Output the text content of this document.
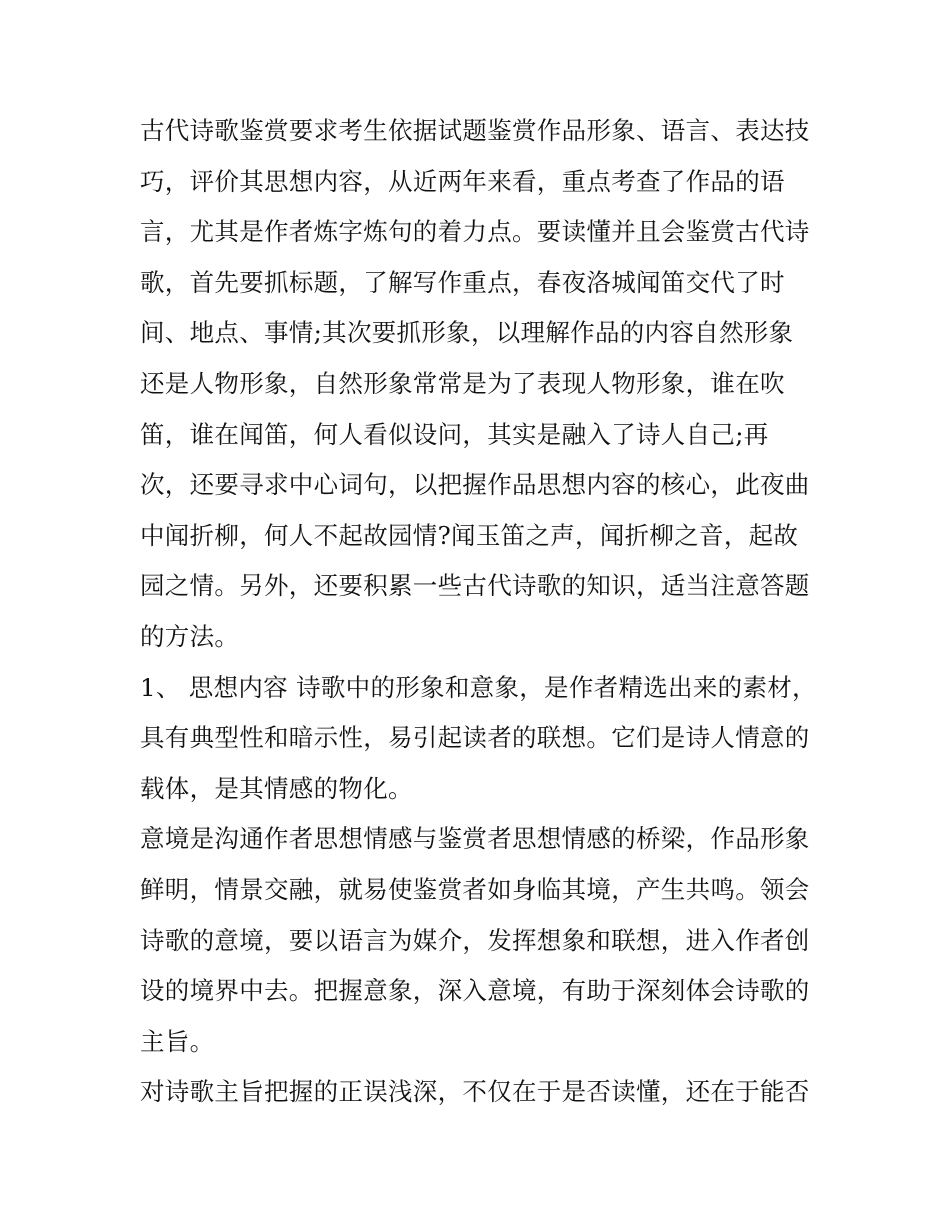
古代诗歌鉴赏要求考生依据试题鉴赏作品形象、语言、表达技
巧，评价其思想内容，从近两年来看，重点考查了作品的语
言，尤其是作者炼字炼句的着力点。要读懂并且会鉴赏古代诗
歌，首先要抓标题，了解写作重点，春夜洛城闻笛交代了时
间、地点、事情;其次要抓形象，以理解作品的内容自然形象
还是人物形象，自然形象常常是为了表现人物形象，谁在吹
笛，谁在闻笛，何人看似设问，其实是融入了诗人自己;再
次，还要寻求中心词句，以把握作品思想内容的核心，此夜曲
中闻折柳，何人不起故园情?闻玉笛之声，闻折柳之音，起故
园之情。另外，还要积累一些古代诗歌的知识，适当注意答题
的方法。
1、 思想内容 诗歌中的形象和意象，是作者精选出来的素材，
具有典型性和暗示性，易引起读者的联想。它们是诗人情意的
载体，是其情感的物化。
意境是沟通作者思想情感与鉴赏者思想情感的桥梁，作品形象
鲜明，情景交融，就易使鉴赏者如身临其境，产生共鸣。领会
诗歌的意境，要以语言为媒介，发挥想象和联想，进入作者创
设的境界中去。把握意象，深入意境，有助于深刻体会诗歌的
主旨。
对诗歌主旨把握的正误浅深，不仅在于是否读懂，还在于能否
